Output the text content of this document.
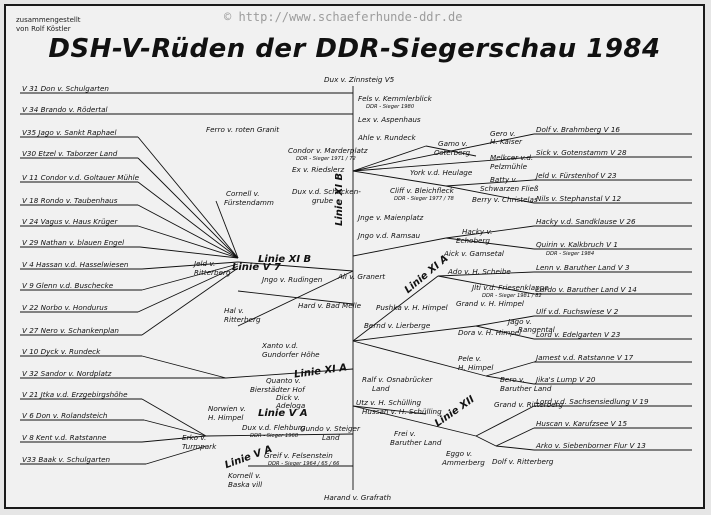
© http://www.schaeferhunde-ddr.de
zusammengestellt
von Rolf Köstler
DSH-V-Rüden der DDR-Siegerschau 1984
Dux v. Zinnsteig V5
Harand v. Grafrath
V 31 Don v. Schulgarten
V 34 Brando v. Rödertal
V35 Jago v. Sankt Raphael
V30 Etzel v. Taborzer Land
V 11 Condor v.d. Goltauer Mühle
V 18 Rondo v. Taubenhaus
V 24 Vagus v. Haus Krüger
V 29 Nathan v. blauen Engel
V 4 Hassan v.d. Hasselwiesen
V 9 Glenn v.d. Buschecke
V 22 Norbo v. Hondurus
V 27 Nero v. Schankenplan
V 10 Dyck v. Rundeck
V 32 Sandor v. Nordplatz
V 21 Jtka v.d. Erzgebirgshöhe
V 6 Don v. Rolandsteich
V 8 Kent v.d. Ratstanne
V33 Baak v. Schulgarten
Dolf v. Brahmberg V 16
Sick v. Gotenstamm V 28
Jeld v. Fürstenhof V 23
Nils v. Stephanstal V 12
Hacky v.d. Sandklause V 26
Quirin v. Kalkbruch V 1
DDR - Sieger 1984
Lenn v. Baruther Land V 3
Lardo v. Baruther Land V 14
Ulf v.d. Fuchswiese V 2
Lord v. Edelgarten V 23
Jamest v.d. Ratstanne V 17
Jika's Lump V 20
Lord v.d. Sachsensiedlung V 19
Huscan v. Karufzsee V 15
Arko v. Siebenborner Flur V 13
Linie XI B
Linie XI B
Linie XI A
Linie XI A
Linie V A
Linie V A
Linie V 7
Linie XII
Fels v. Kemmlerblick
DDR - Sieger 1980
Lex v. Aspenhaus
Ferro v. roten Granit
Ahle v. Rundeck
Condor v. Marderplatz
DDR - Sieger 1971 / 72
Ex v. Riedslerz
Dux v.d. Schacken-
grube
Jnge v. Maienplatz
Jngo v.d. Ramsau
Ali v. Granert
Hard v. Bad Melle
Cornell v.
Fürstendamm
Jeld v.
Ritterberg
Jngo v. Rudingen
Hal v.
Ritterberg
Xanto v.d.
Gundorfer Höhe
Gamo v.
Osterberg
Gero v.
H. Kaiser
Melkcer v.d.
Pelzmühle
York v.d. Heulage
Batty v.
Schwarzen Fließ
Cliff v. Bleichfleck
DDR - Sieger 1977 / 78	Berry v. Christelas
Hacky v.
Echoberg
Aick v. Gamsetal
Ado v. H. Scheibe
Jlti v.d. Friesenklappe
DDR - Sieger 1981 / 82
Grand v. H. Himpel
Pushka v. H. Himpel
Dora v. H. Himpel
Jago v.
Rangental
Bernd v. Lierberge
Pele v.
H. Himpel
Bero v.
Baruther Land
Quanto v.
Bierstädter Hof
Dick v.
Adeloga
Norwien v.
H. Himpel
Ralf v. Osnabrücker
Land
Utz v. H. Schülling
Hussan v. H. Schülling
Grand v. Ritterberg
Frei v.
Baruther Land
Eggo v.
Ammerberg Dolf v. Ritterberg
Dux v.d. Flehburg
DDR - Sieger 1968
Gundo v. Steiger
Land
Erko v.
Turmpark
Greif v. Felsenstein
DDR - Sieger 1964 / 65 / 66
Kornell v.
Baska vill
